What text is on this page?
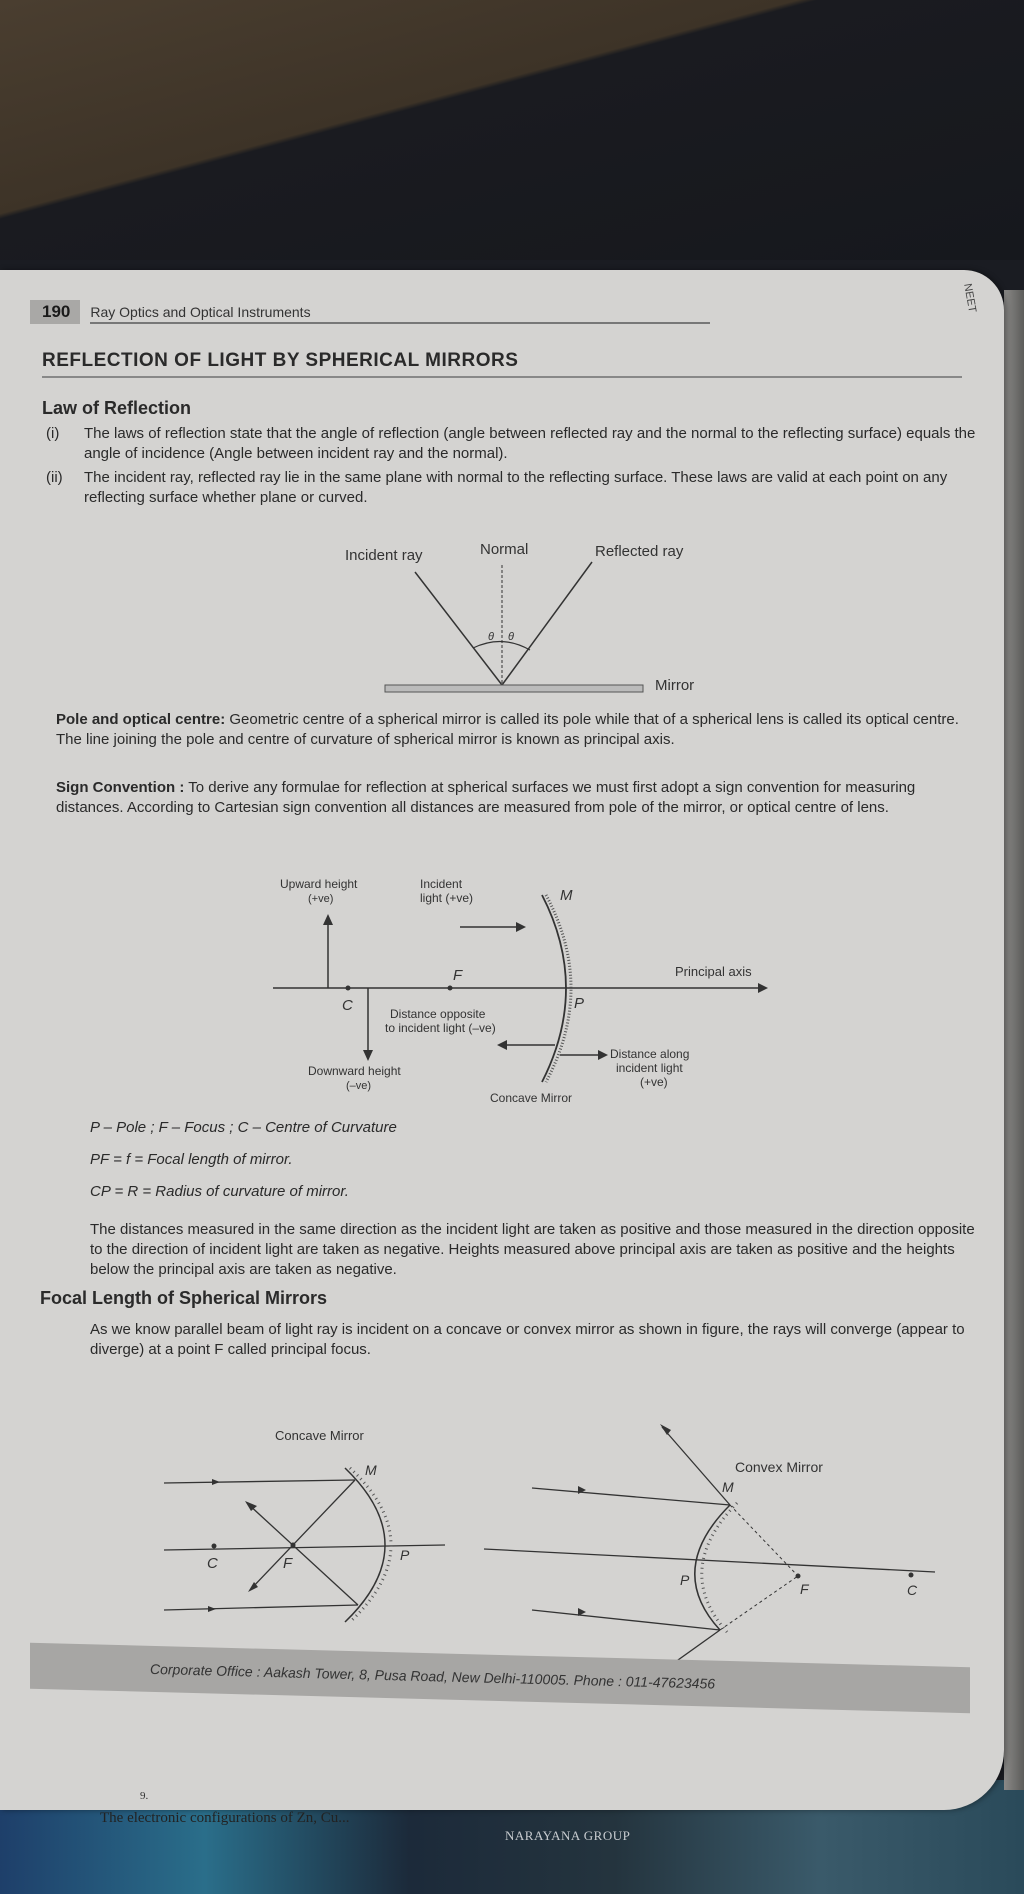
NARAYANA GROUP
190	Ray Optics and Optical Instruments	NEET
REFLECTION OF LIGHT BY SPHERICAL MIRRORS
Law of Reflection
(i)	The laws of reflection state that the angle of reflection (angle between reflected ray and the normal to the reflecting surface) equals the angle of incidence (Angle between incident ray and the normal).
(ii)	The incident ray, reflected ray lie in the same plane with normal to the reflecting surface. These laws are valid at each point on any reflecting surface whether plane or curved.
Incident ray	Normal	Reflected ray
θ θ
Mirror
Pole and optical centre: Geometric centre of a spherical mirror is called its pole while that of a spherical lens is called its optical centre. The line joining the pole and centre of curvature of spherical mirror is known as principal axis.
Sign Convention : To derive any formulae for reflection at spherical surfaces we must first adopt a sign convention for measuring distances. According to Cartesian sign convention all distances are measured from pole of the mirror, or optical centre of lens.
Upward height
(+ve)
Incident
light (+ve)
Principal axis
C
F
M
P
Distance opposite
to incident light (–ve)
Distance along
incident light
(+ve)
Downward height
(–ve)
Concave Mirror
P – Pole ; F – Focus ; C – Centre of Curvature
PF = f = Focal length of mirror.
CP = R = Radius of curvature of mirror.
The distances measured in the same direction as the incident light are taken as positive and those measured in the direction opposite to the direction of incident light are taken as negative. Heights measured above principal axis are taken as positive and the heights below the principal axis are taken as negative.
Focal Length of Spherical Mirrors
As we know parallel beam of light ray is incident on a concave or convex mirror as shown in figure, the rays will converge (appear to diverge) at a point F called principal focus.
Concave Mirror
C	F
M
P
Convex Mirror
M
P
F	C
Corporate Office : Aakash Tower, 8, Pusa Road, New Delhi-110005. Phone : 011-47623456
9.
The electronic configurations of Zn, Cu...
